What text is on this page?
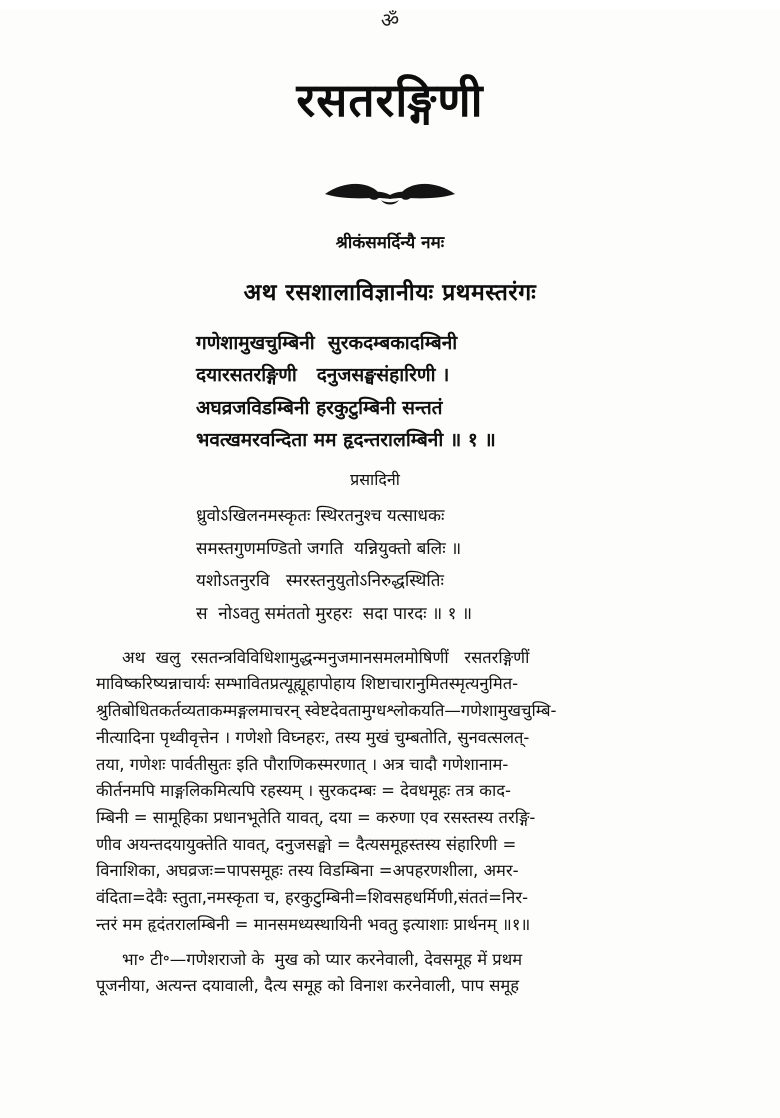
ॐ
रसतरङ्गिणी
श्रीकंसमर्दिन्यै नमः
अथ रसशालाविज्ञानीयः प्रथमस्तरंगः
गणेशामुखचुम्बिनी  सुरकदम्बकादम्बिनी
दयारसतरङ्गिणी   दनुजसङ्घसंहारिणी ।
अघव्रजविडम्बिनी हरकुटुम्बिनी सन्ततं
भवत्खमरवन्दिता मम हृदन्तरालम्बिनी ॥ १ ॥
प्रसादिनी
ध्रुवोऽखिलनमस्कृतः स्थिरतनुश्च यत्साधकः
समस्तगुणमण्डितो जगति  यन्नियुक्तो बलिः ॥
यशोऽतनुरवि   स्मरस्तनुयुतोऽनिरुद्धस्थितिः
स  नोऽवतु समंततो मुरहरः  सदा पारदः ॥ १ ॥
अथ  खलु  रसतन्त्रविविधिशामुद्धन्मनुजमानसमलमोषिणीं   रसतरङ्गिणीं
माविष्करिष्यन्नाचार्यः सम्भावितप्रत्यूह्यूहापोहाय शिष्टाचारानुमितस्मृत्यनुमित-
श्रुतिबोधितकर्तव्यताकम्मङ्गलमाचरन् स्वेष्टदेवतामुग्धश्लोकयति—गणेशामुखचुम्बि-
नीत्यादिना पृथ्वीवृत्तेन । गणेशो विघ्नहरः, तस्य मुखं चुम्बतोति, सुनवत्सलत्-
तया, गणेशः पार्वतीसुतः इति पौराणिकस्मरणात् । अत्र चादौ गणेशानाम-
कीर्तनमपि माङ्गलिकमित्यपि रहस्यम् । सुरकदम्बः = देवधमूहः तत्र काद-
म्बिनी = सामूहिका प्रधानभूतेति यावत्, दया = करुणा एव रसस्तस्य तरङ्गि-
णीव अयन्तदयायुक्तेति यावत्, दनुजसङ्घो = दैत्यसमूहस्तस्य संहारिणी =
विनाशिका, अघव्रजः=पापसमूहः तस्य विडम्बिना =अपहरणशीला, अमर-
वंदिता=देवैः स्तुता,नमस्कृता च, हरकुटुम्बिनी=शिवसहधर्मिणी,संततं=निर-
न्तरं मम हृदंतरालम्बिनी = मानसमध्यस्थायिनी भवतु इत्याशाः प्रार्थनम् ॥१॥
भा॰ टी॰—गणेशराजो के  मुख को प्यार करनेवाली, देवसमूह में प्रथम
पूजनीया, अत्यन्त दयावाली, दैत्य समूह को विनाश करनेवाली, पाप समूह
